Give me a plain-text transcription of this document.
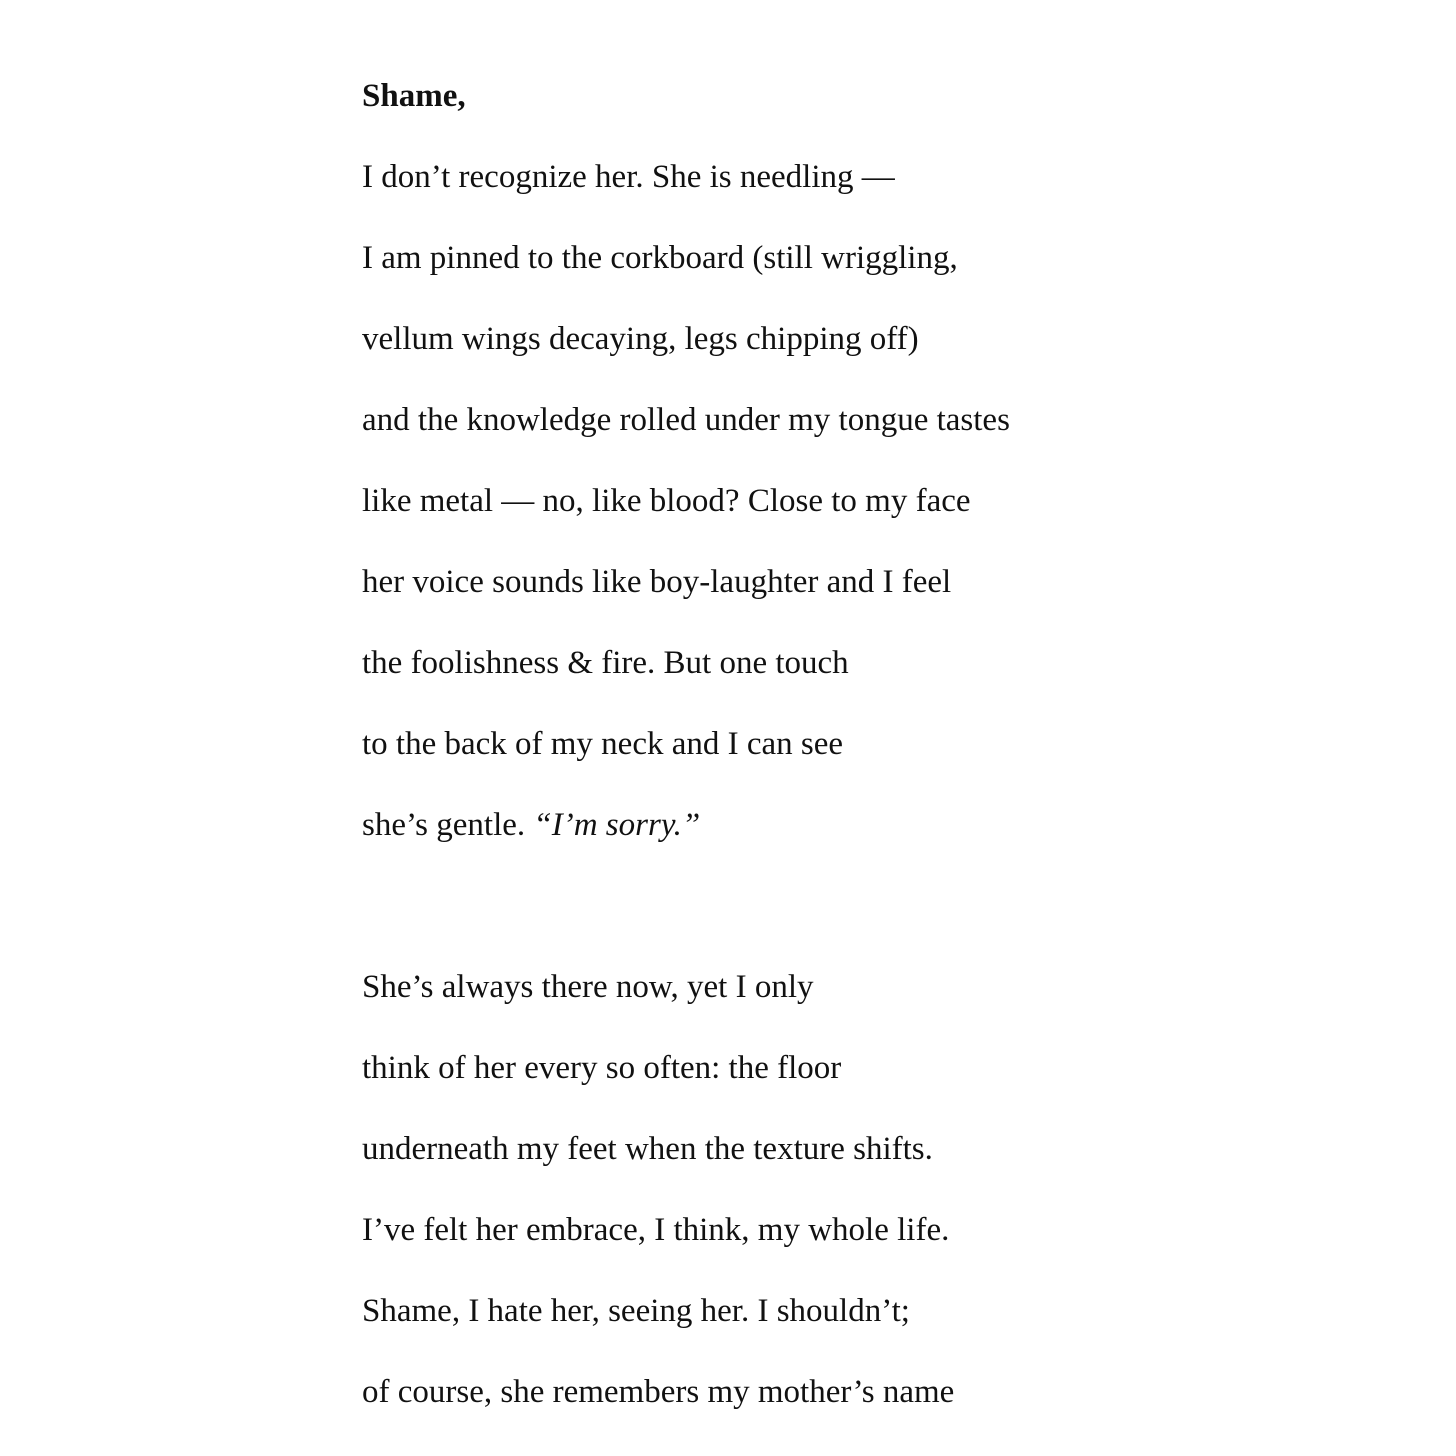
Shame,
I don’t recognize her. She is needling —
I am pinned to the corkboard (still wriggling,
vellum wings decaying, legs chipping off)
and the knowledge rolled under my tongue tastes
like metal — no, like blood? Close to my face
her voice sounds like boy-laughter and I feel
the foolishness & fire. But one touch
to the back of my neck and I can see
she’s gentle. “I’m sorry.”
She’s always there now, yet I only
think of her every so often: the floor
underneath my feet when the texture shifts.
I’ve felt her embrace, I think, my whole life.
Shame, I hate her, seeing her. I shouldn’t;
of course, she remembers my mother’s name
